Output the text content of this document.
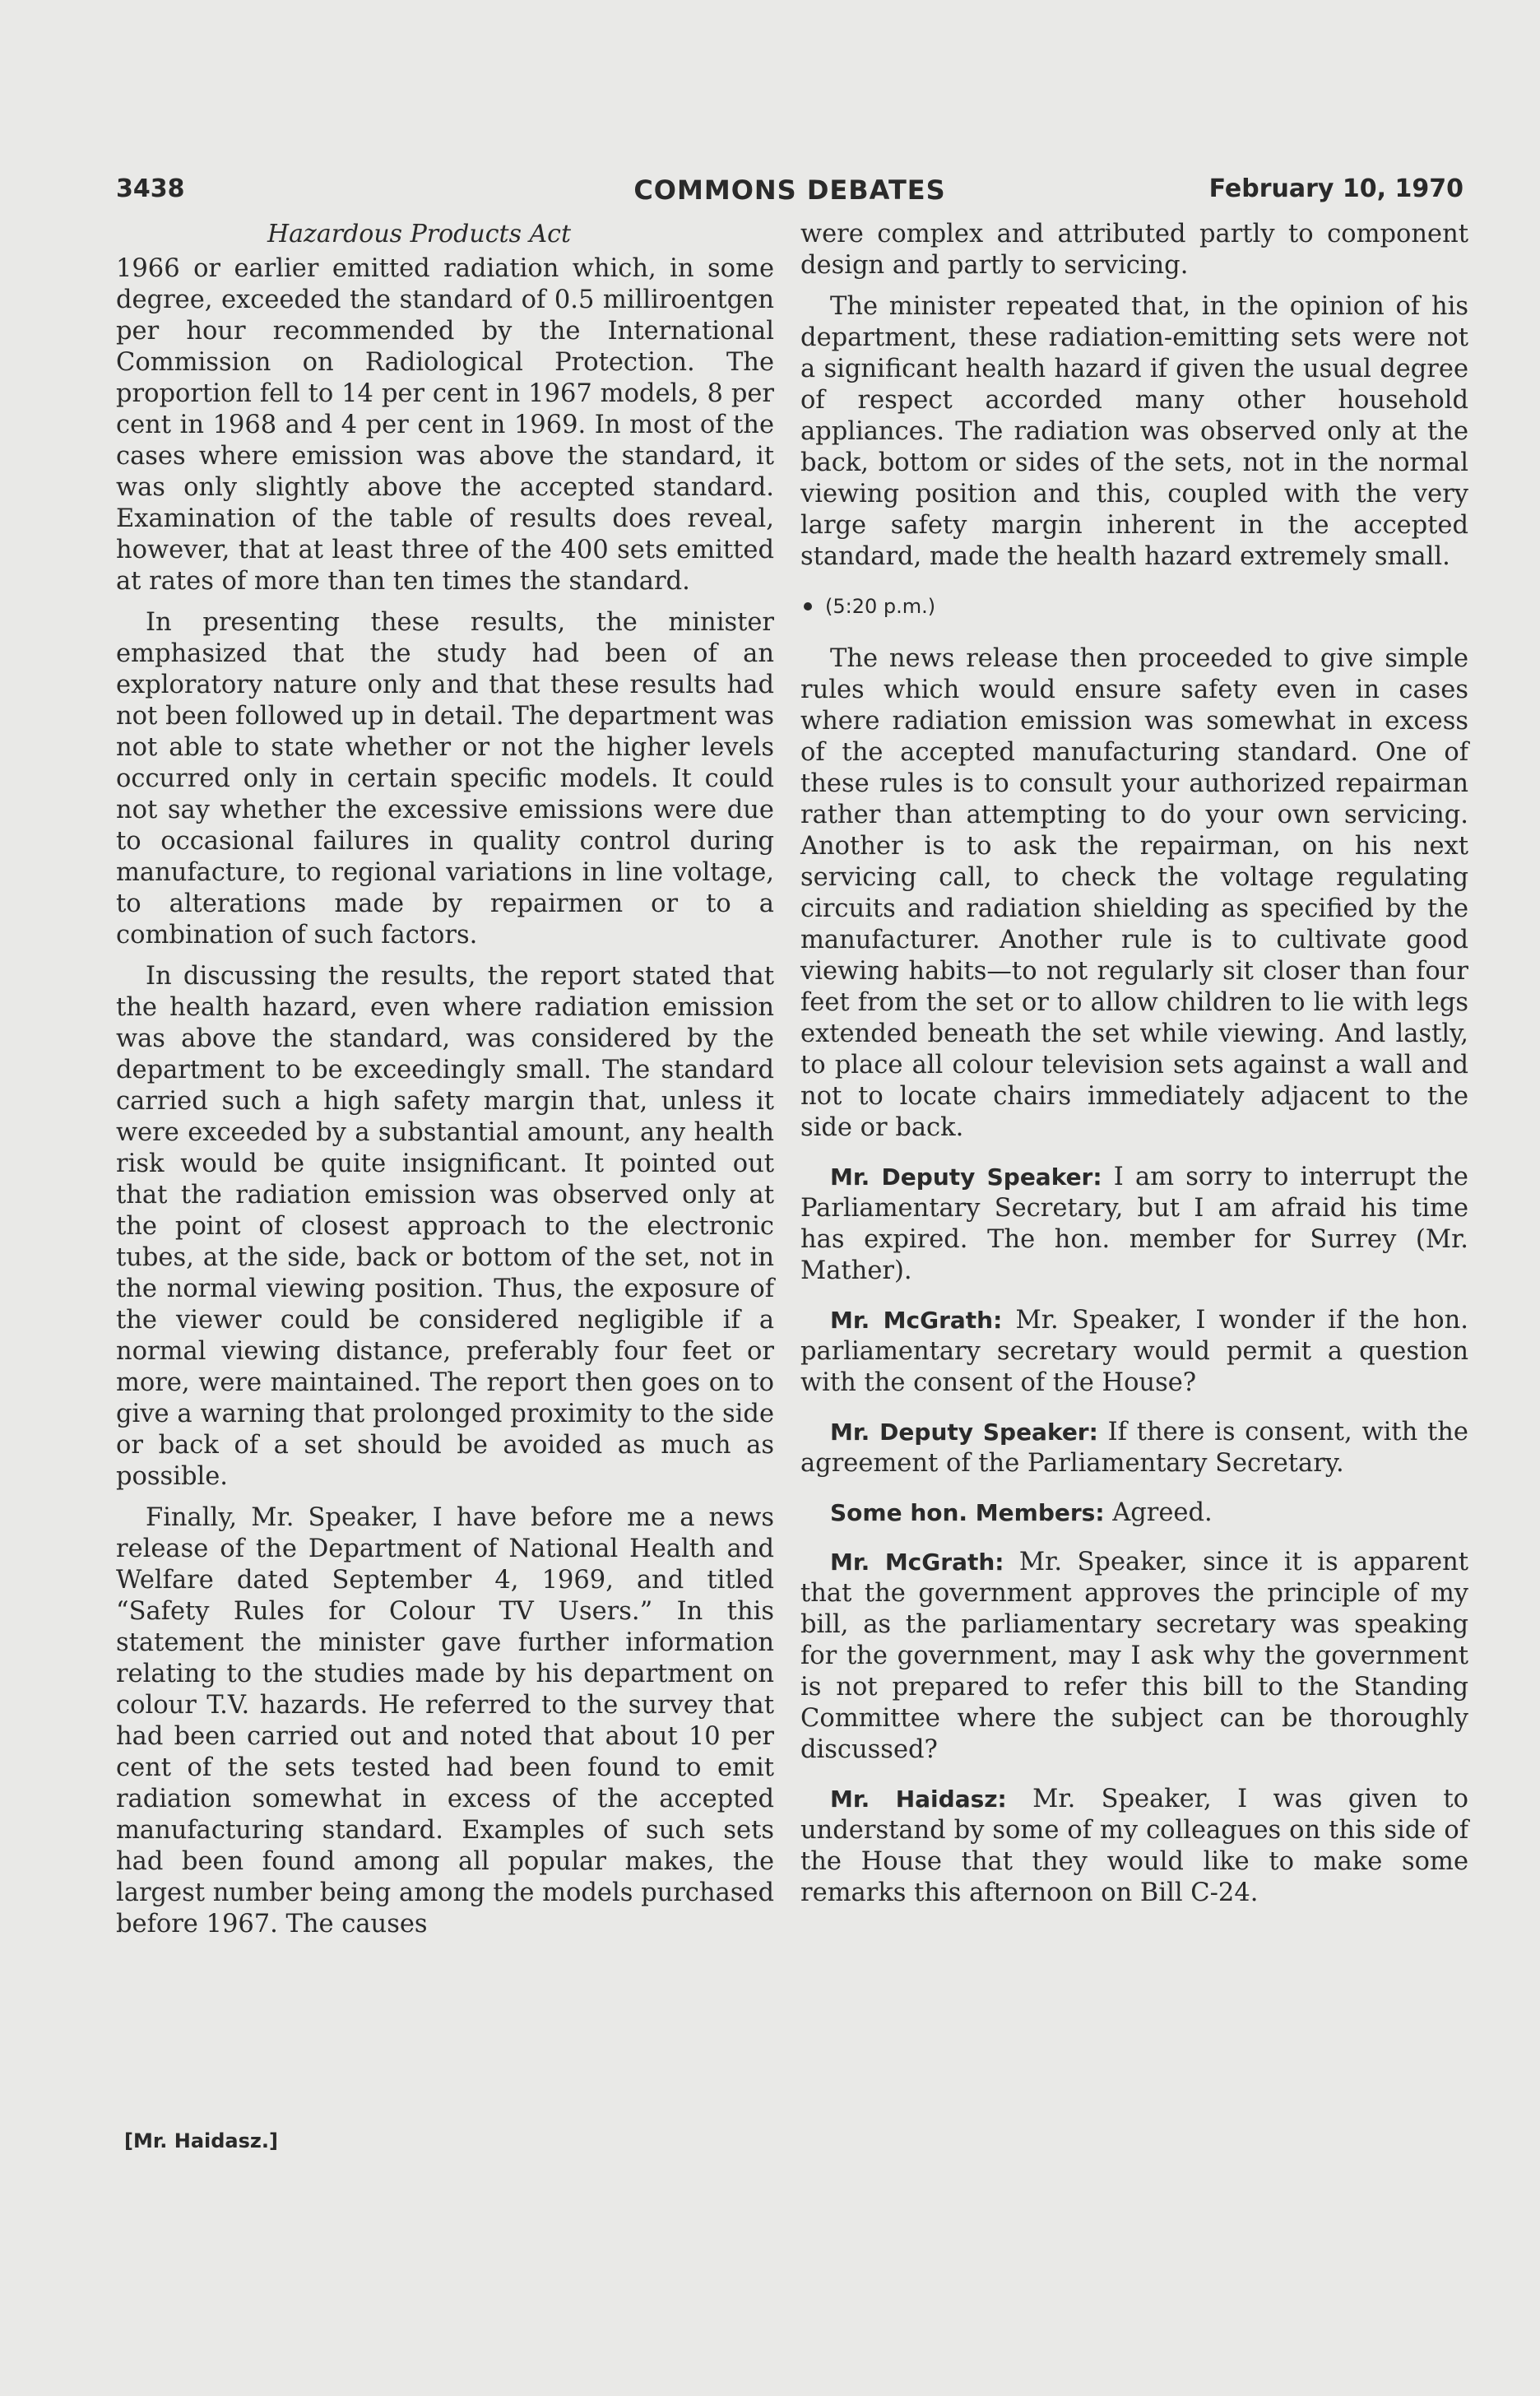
3438	COMMONS DEBATES	February 10, 1970
Hazardous Products Act

1966 or earlier emitted radiation which, in some degree, exceeded the standard of 0.5 milliroentgen per hour recommended by the International Commission on Radiological Protection. The proportion fell to 14 per cent in 1967 models, 8 per cent in 1968 and 4 per cent in 1969. In most of the cases where emission was above the standard, it was only slightly above the accepted standard. Examination of the table of results does reveal, however, that at least three of the 400 sets emitted at rates of more than ten times the standard.

In presenting these results, the minister emphasized that the study had been of an exploratory nature only and that these results had not been followed up in detail. The department was not able to state whether or not the higher levels occurred only in certain specific models. It could not say whether the excessive emissions were due to occasional failures in quality control during manufacture, to regional variations in line voltage, to alterations made by repairmen or to a combination of such factors.

In discussing the results, the report stated that the health hazard, even where radiation emission was above the standard, was considered by the department to be exceedingly small. The standard carried such a high safety margin that, unless it were exceeded by a substantial amount, any health risk would be quite insignificant. It pointed out that the radiation emission was observed only at the point of closest approach to the electronic tubes, at the side, back or bottom of the set, not in the normal viewing position. Thus, the exposure of the viewer could be considered negligible if a normal viewing distance, preferably four feet or more, were maintained. The report then goes on to give a warning that prolonged proximity to the side or back of a set should be avoided as much as possible.

Finally, Mr. Speaker, I have before me a news release of the Department of National Health and Welfare dated September 4, 1969, and titled “Safety Rules for Colour TV Users.” In this statement the minister gave further information relating to the studies made by his department on colour T.V. hazards. He referred to the survey that had been carried out and noted that about 10 per cent of the sets tested had been found to emit radiation somewhat in excess of the accepted manufacturing standard. Examples of such sets had been found among all popular makes, the largest number being among the models purchased before 1967. The causes

[Mr. Haidasz.]

were complex and attributed partly to component design and partly to servicing.

The minister repeated that, in the opinion of his department, these radiation-emitting sets were not a significant health hazard if given the usual degree of respect accorded many other household appliances. The radiation was observed only at the back, bottom or sides of the sets, not in the normal viewing position and this, coupled with the very large safety margin inherent in the accepted standard, made the health hazard extremely small.

(5:20 p.m.)

The news release then proceeded to give simple rules which would ensure safety even in cases where radiation emission was somewhat in excess of the accepted manufacturing standard. One of these rules is to consult your authorized repairman rather than attempting to do your own servicing. Another is to ask the repairman, on his next servicing call, to check the voltage regulating circuits and radiation shielding as specified by the manufacturer. Another rule is to cultivate good viewing habits—to not regularly sit closer than four feet from the set or to allow children to lie with legs extended beneath the set while viewing. And lastly, to place all colour television sets against a wall and not to locate chairs immediately adjacent to the side or back.

Mr. Deputy Speaker: I am sorry to interrupt the Parliamentary Secretary, but I am afraid his time has expired. The hon. member for Surrey (Mr. Mather).

Mr. McGrath: Mr. Speaker, I wonder if the hon. parliamentary secretary would permit a question with the consent of the House?

Mr. Deputy Speaker: If there is consent, with the agreement of the Parliamentary Secretary.

Some hon. Members: Agreed.

Mr. McGrath: Mr. Speaker, since it is apparent that the government approves the principle of my bill, as the parliamentary secretary was speaking for the government, may I ask why the government is not prepared to refer this bill to the Standing Committee where the subject can be thoroughly discussed?

Mr. Haidasz: Mr. Speaker, I was given to understand by some of my colleagues on this side of the House that they would like to make some remarks this afternoon on Bill C-24.
